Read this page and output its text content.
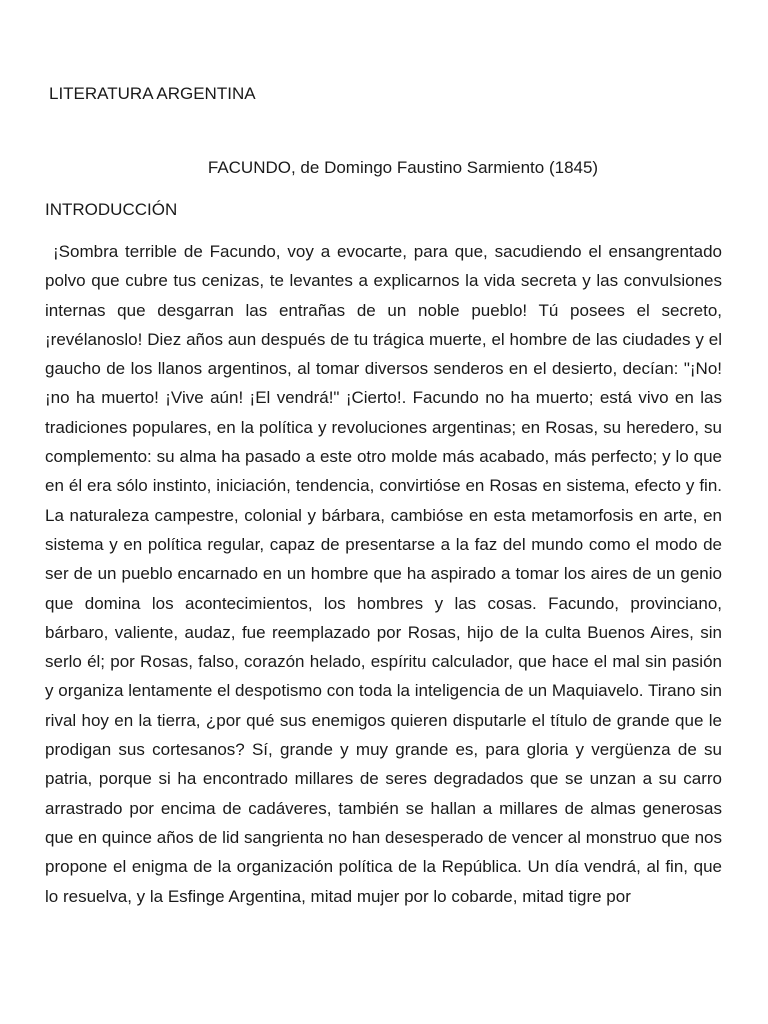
LITERATURA ARGENTINA
FACUNDO, de Domingo Faustino Sarmiento (1845)
INTRODUCCIÓN

¡Sombra terrible de Facundo, voy a evocarte, para que, sacudiendo el ensangrentado polvo que cubre tus cenizas, te levantes a explicarnos la vida secreta y las convulsiones internas que desgarran las entrañas de un noble pueblo! Tú posees el secreto, ¡revélanoslo! Diez años aun después de tu trágica muerte, el hombre de las ciudades y el gaucho de los llanos argentinos, al tomar diversos senderos en el desierto, decían: "¡No! ¡no ha muerto! ¡Vive aún! ¡El vendrá!" ¡Cierto!. Facundo no ha muerto; está vivo en las tradiciones populares, en la política y revoluciones argentinas; en Rosas, su heredero, su complemento: su alma ha pasado a este otro molde más acabado, más perfecto; y lo que en él era sólo instinto, iniciación, tendencia, convirtióse en Rosas en sistema, efecto y fin. La naturaleza campestre, colonial y bárbara, cambióse en esta metamorfosis en arte, en sistema y en política regular, capaz de presentarse a la faz del mundo como el modo de ser de un pueblo encarnado en un hombre que ha aspirado a tomar los aires de un genio que domina los acontecimientos, los hombres y las cosas. Facundo, provinciano, bárbaro, valiente, audaz, fue reemplazado por Rosas, hijo de la culta Buenos Aires, sin serlo él; por Rosas, falso, corazón helado, espíritu calculador, que hace el mal sin pasión y organiza lentamente el despotismo con toda la inteligencia de un Maquiavelo. Tirano sin rival hoy en la tierra, ¿por qué sus enemigos quieren disputarle el título de grande que le prodigan sus cortesanos? Sí, grande y muy grande es, para gloria y vergüenza de su patria, porque si ha encontrado millares de seres degradados que se unzan a su carro arrastrado por encima de cadáveres, también se hallan a millares de almas generosas que en quince años de lid sangrienta no han desesperado de vencer al monstruo que nos propone el enigma de la organización política de la República. Un día vendrá, al fin, que lo resuelva, y la Esfinge Argentina, mitad mujer por lo cobarde, mitad tigre por
